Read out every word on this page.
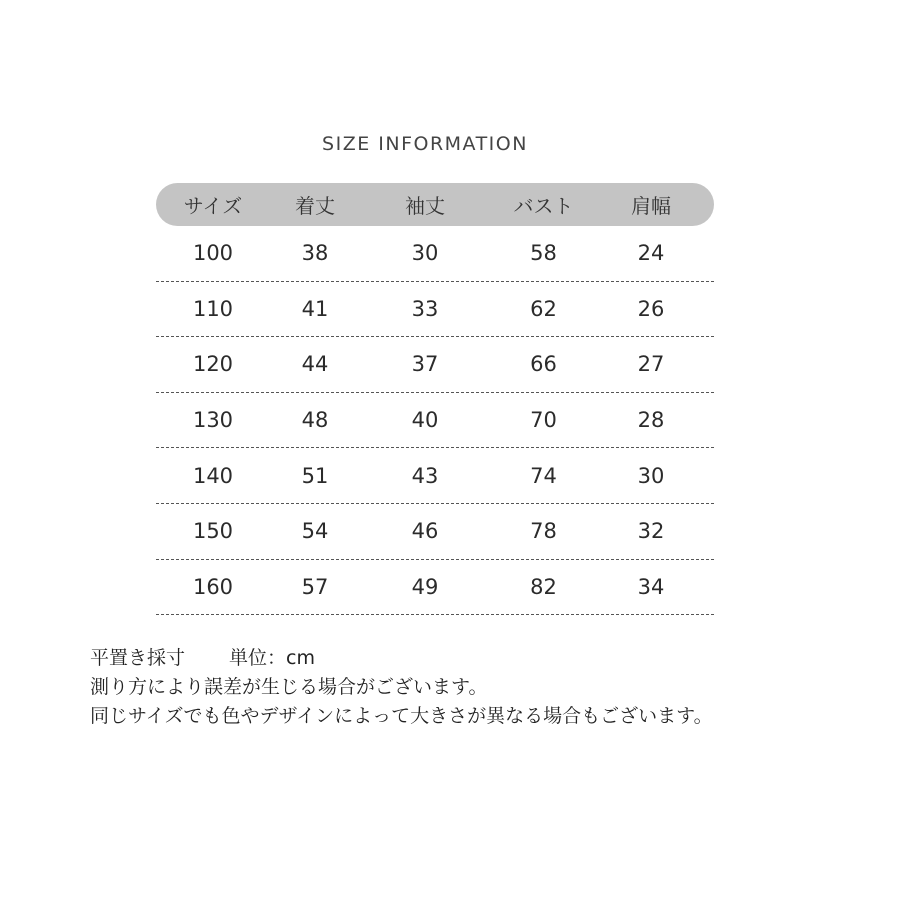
SIZE INFORMATION
サイズ	着丈	袖丈	バスト	肩幅
100	38	30	58	24
110	41	33	62	26
120	44	37	66	27
130	48	40	70	28
140	51	43	74	30
150	54	46	78	32
160	57	49	82	34
平置き採寸 単位：cm
測り方により誤差が生じる場合がございます。
同じサイズでも色やデザインによって大きさが異なる場合もございます。
